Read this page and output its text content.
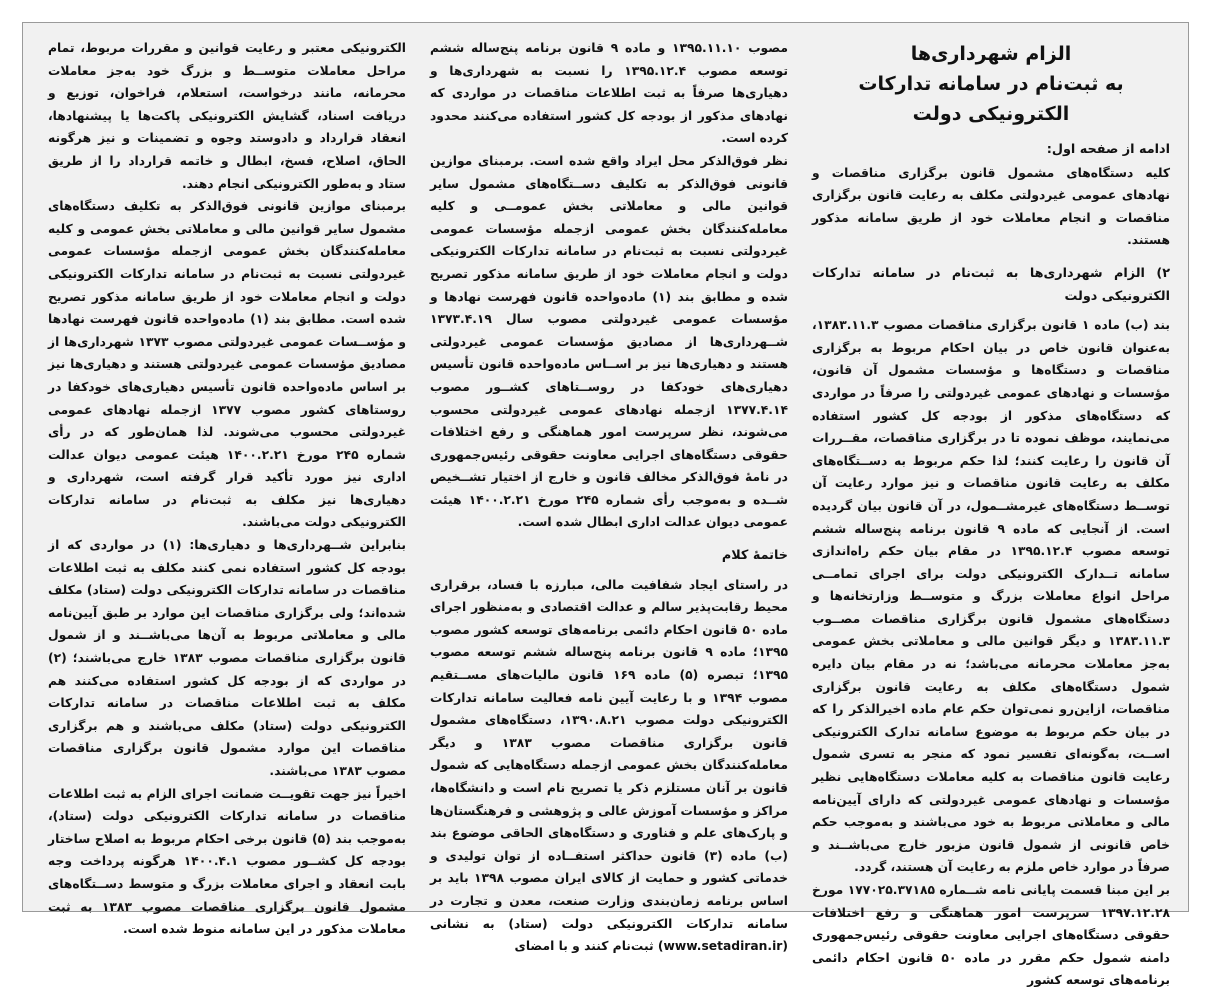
الزام شهرداری‌ها
به ثبت‌نام در سامانه تدارکات الکترونیکی دولت
ادامه از صفحه اول:

کلیه دستگاه‌های مشمول قانون برگزاری مناقصات و نهادهای عمومی غیردولتی مکلف به رعایت قانون برگزاری مناقصات و انجام معاملات خود از طریق سامانه مذکور هستند.

۲) الزام شهرداری‌ها به ثبت‌نام در سامانه تدارکات الکترونیکی دولت

بند (ب) ماده ۱ قانون برگزاری مناقصات مصوب ۱۳۸۳.۱۱.۳، به‌عنوان قانون خاص در بیان احکام مربوط به برگزاری مناقصات و دستگاه‌ها و مؤسسات مشمول آن قانون، مؤسسات و نهادهای عمومی غیردولتی را صرفاً در مواردی که دستگاه‌های مذکور از بودجه کل کشور استفاده می‌نمایند، موظف نموده تا در برگزاری مناقصات، مقــررات آن قانون را رعایت کنند؛ لذا حکم مربوط به دســتگاه‌های مکلف به رعایت قانون مناقصات و نیز موارد رعایت آن توســط دستگاه‌های غیرمشــمول، در آن قانون بیان گردیده است. از آنجایی که ماده ۹ قانون برنامه پنج‌ساله ششم توسعه مصوب ۱۳۹۵.۱۲.۴ در مقام بیان حکم راه‌اندازی سامانه تــدارک الکترونیکی دولت برای اجرای تمامــی مراحل انواع معاملات بزرگ و متوســط وزارتخانه‌ها و دستگاه‌های مشمول قانون برگزاری مناقصات مصــوب ۱۳۸۳.۱۱.۳ و دیگر قوانین مالی و معاملاتی بخش عمومی به‌جز معاملات محرمانه می‌باشد؛ نه در مقام بیان دایره شمول دستگاه‌های مکلف به رعایت قانون برگزاری مناقصات، ازاین‌رو نمی‌توان حکم عام ماده اخیرالذکر را که در بیان حکم مربوط به موضوع سامانه تدارک الکترونیکی اســت، به‌گونه‌ای تفسیر نمود که منجر به تسری شمول رعایت قانون مناقصات به کلیه معاملات دستگاه‌هایی نظیر مؤسسات و نهادهای عمومی غیردولتی که دارای آیین‌نامه مالی و معاملاتی مربوط به خود می‌باشند و به‌موجب حکم خاص قانونی از شمول قانون مزبور خارج می‌باشــند و صرفاً در موارد خاص ملزم به رعایت آن هستند، گردد.

بر این مبنا قسمت پایانی نامه شــماره ۱۷۷۰۲۵.۳۷۱۸۵ مورخ ۱۳۹۷.۱۲.۲۸ سرپرست امور هماهنگی و رفع اختلافات حقوقی دستگاه‌های اجرایی معاونت حقوقی رئیس‌جمهوری دامنه شمول حکم مقرر در ماده ۵۰ قانون احکام دائمی برنامه‌های توسعه کشور

مصوب ۱۳۹۵.۱۱.۱۰ و ماده ۹ قانون برنامه پنج‌ساله ششم توسعه مصوب ۱۳۹۵.۱۲.۴ را نسبت به شهرداری‌ها و دهیاری‌ها صرفاً به ثبت اطلاعات مناقصات در مواردی که نهادهای مذکور از بودجه کل کشور استفاده می‌کنند محدود کرده است.

نظر فوق‌الذکر محل ایراد واقع شده است. برمبنای موازین قانونی فوق‌الذکر به تکلیف دســتگاه‌های مشمول سایر قوانین مالی و معاملاتی بخش عمومــی و کلیه معامله‌کنندگان بخش عمومی ازجمله مؤسسات عمومی غیردولتی نسبت به ثبت‌نام در سامانه تدارکات الکترونیکی دولت و انجام معاملات خود از طریق سامانه مذکور تصریح شده و مطابق بند (۱) ماده‌واحده قانون فهرست نهادها و مؤسسات عمومی غیردولتی مصوب سال ۱۳۷۳.۴.۱۹ شــهرداری‌ها از مصادیق مؤسسات عمومی غیردولتی هستند و دهیاری‌ها نیز بر اســاس ماده‌واحده قانون تأسیس دهیاری‌های خودکفا در روســتاهای کشــور مصوب ۱۳۷۷.۴.۱۴ ازجمله نهادهای عمومی غیردولتی محسوب می‌شوند، نظر سرپرست امور هماهنگی و رفع اختلافات حقوقی دستگاه‌های اجرایی معاونت حقوقی رئیس‌جمهوری در نامهٔ فوق‌الذکر مخالف قانون و خارج از اختیار تشــخیص شــده و به‌موجب رأی شماره ۲۴۵ مورخ ۱۴۰۰.۲.۲۱ هیئت عمومی دیوان عدالت اداری ابطال شده است.

خاتمهٔ کلام

در راستای ایجاد شفافیت مالی، مبارزه با فساد، برقراری محیط رقابت‌پذیر سالم و عدالت اقتصادی و به‌منظور اجرای ماده ۵۰ قانون احکام دائمی برنامه‌های توسعه کشور مصوب ۱۳۹۵؛ ماده ۹ قانون برنامه پنج‌ساله ششم توسعه مصوب ۱۳۹۵؛ تبصره (۵) ماده ۱۶۹ قانون مالیات‌های مســتقیم مصوب ۱۳۹۴ و با رعایت آیین نامه فعالیت سامانه تدارکات الکترونیکی دولت مصوب ۱۳۹۰.۸.۲۱، دستگاه‌های مشمول قانون برگزاری مناقصات مصوب ۱۳۸۳ و دیگر معامله‌کنندگان بخش عمومی ازجمله دستگاه‌هایی که شمول قانون بر آنان مستلزم ذکر یا تصریح نام است و دانشگاه‌ها، مراکز و مؤسسات آموزش عالی و پژوهشی و فرهنگستان‌ها و پارک‌های علم و فناوری و دستگاه‌های الحاقی موضوع بند (ب) ماده (۳) قانون حداکثر استفــاده از توان تولیدی و خدماتی کشور و حمایت از کالای ایران مصوب ۱۳۹۸ باید بر اساس برنامه زمان‌بندی وزارت صنعت، معدن و تجارت در سامانه تدارکات الکترونیکی دولت (ستاد) به نشانی (www.setadiran.ir) ثبت‌نام کنند و با امضای

الکترونیکی معتبر و رعایت قوانین و مقررات مربوط، تمام مراحل معاملات متوســط و بزرگ خود به‌جز معاملات محرمانه، مانند درخواست، استعلام، فراخوان، توزیع و دریافت اسناد، گشایش الکترونیکی پاکت‌ها یا پیشنهادها، انعقاد قرارداد و دادوستد وجوه و تضمینات و نیز هرگونه الحاق، اصلاح، فسخ، ابطال و خاتمه قرارداد را از طریق ستاد و به‌طور الکترونیکی انجام دهند.

برمبنای موازین قانونی فوق‌الذکر به تکلیف دستگاه‌های مشمول سایر قوانین مالی و معاملاتی بخش عمومی و کلیه معامله‌کنندگان بخش عمومی ازجمله مؤسسات عمومی غیردولتی نسبت به ثبت‌نام در سامانه تدارکات الکترونیکی دولت و انجام معاملات خود از طریق سامانه مذکور تصریح شده است. مطابق بند (۱) ماده‌واحده قانون فهرست نهادها و مؤســسات عمومی غیردولتی مصوب ۱۳۷۳ شهرداری‌ها از مصادیق مؤسسات عمومی غیردولتی هستند و دهیاری‌ها نیز بر اساس ماده‌واحده قانون تأسیس دهیاری‌های خودکفا در روستاهای کشور مصوب ۱۳۷۷ ازجمله نهادهای عمومی غیردولتی محسوب می‌شوند. لذا همان‌طور که در رأی شماره ۲۴۵ مورخ ۱۴۰۰.۲.۲۱ هیئت عمومی دیوان عدالت اداری نیز مورد تأکید قرار گرفته است، شهرداری و دهیاری‌ها نیز مکلف به ثبت‌نام در سامانه تدارکات الکترونیکی دولت می‌باشند.

بنابراین شــهرداری‌ها و دهیاری‌ها: (۱) در مواردی که از بودجه کل کشور استفاده نمی کنند مکلف به ثبت اطلاعات مناقصات در سامانه تدارکات الکترونیکی دولت (ستاد) مکلف شده‌اند؛ ولی برگزاری مناقصات این موارد بر طبق آیین‌نامه مالی و معاملاتی مربوط به آن‌ها می‌باشــند و از شمول قانون برگزاری مناقصات مصوب ۱۳۸۳ خارج می‌باشند؛ (۲) در مواردی که از بودجه کل کشور استفاده می‌کنند هم مکلف به ثبت اطلاعات مناقصات در سامانه تدارکات الکترونیکی دولت (ستاد) مکلف می‌باشند و هم برگزاری مناقصات این موارد مشمول قانون برگزاری مناقصات مصوب ۱۳۸۳ می‌باشند.

اخیراً نیز جهت تقویــت ضمانت اجرای الزام به ثبت اطلاعات مناقصات در سامانه تدارکات الکترونیکی دولت (ستاد)، به‌موجب بند (۵) قانون برخی احکام مربوط به اصلاح ساختار بودجه کل کشــور مصوب ۱۴۰۰.۴.۱ هرگونه پرداخت وجه بابت انعقاد و اجرای معاملات بزرگ و متوسط دســتگاه‌های مشمول قانون برگزاری مناقصات مصوب ۱۳۸۳ به ثبت معاملات مذکور در این سامانه منوط شده است.
